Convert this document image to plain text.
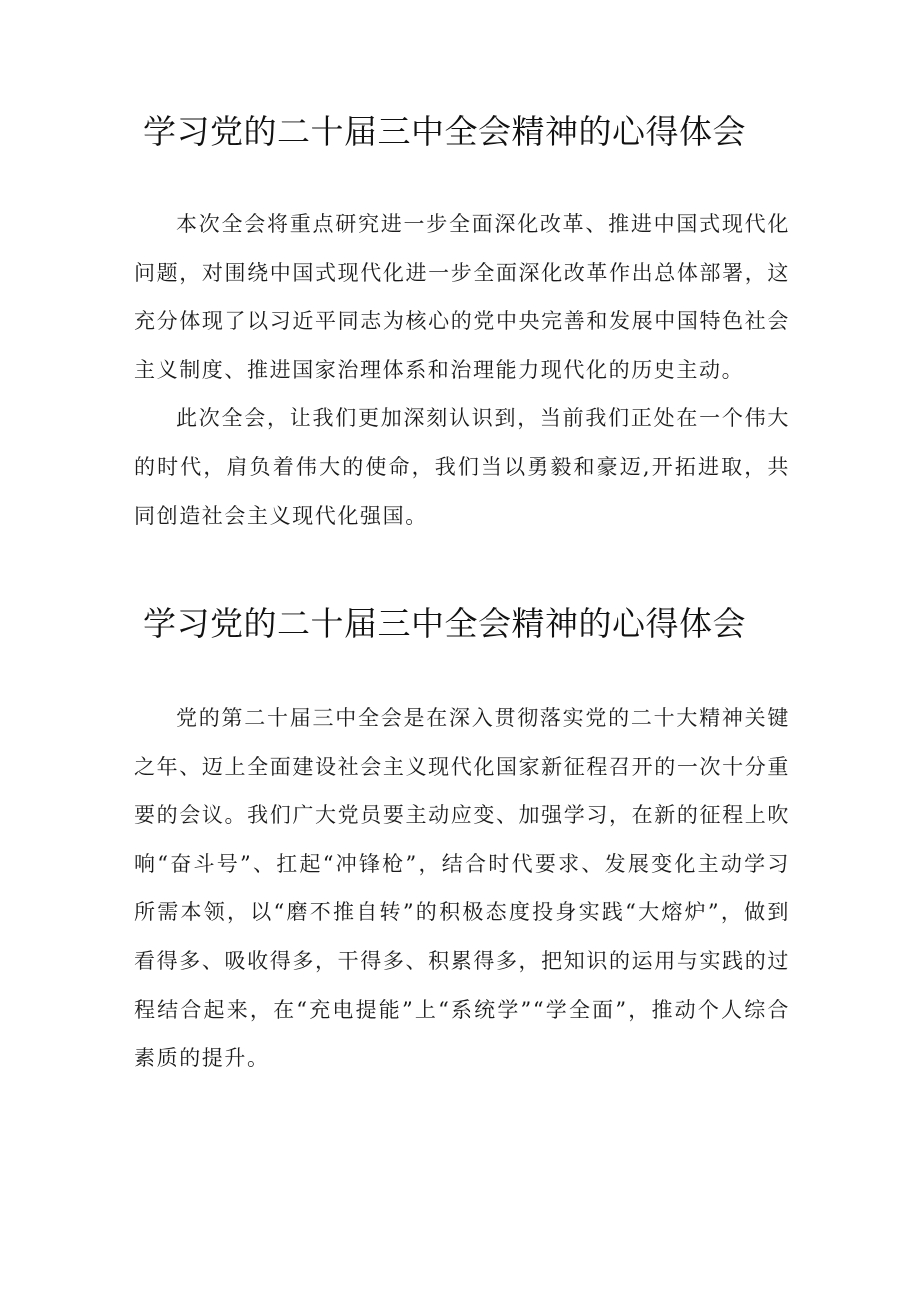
学习党的二十届三中全会精神的心得体会

本次全会将重点研究进一步全面深化改革、推进中国式现代化问题，对围绕中国式现代化进一步全面深化改革作出总体部署，这充分体现了以习近平同志为核心的党中央完善和发展中国特色社会主义制度、推进国家治理体系和治理能力现代化的历史主动。

此次全会，让我们更加深刻认识到，当前我们正处在一个伟大的时代，肩负着伟大的使命，我们当以勇毅和豪迈,开拓进取，共同创造社会主义现代化强国。

学习党的二十届三中全会精神的心得体会

党的第二十届三中全会是在深入贯彻落实党的二十大精神关键之年、迈上全面建设社会主义现代化国家新征程召开的一次十分重要的会议。我们广大党员要主动应变、加强学习，在新的征程上吹响“奋斗号”、扛起“冲锋枪”，结合时代要求、发展变化主动学习所需本领，以“磨不推自转”的积极态度投身实践“大熔炉”，做到看得多、吸收得多，干得多、积累得多，把知识的运用与实践的过程结合起来，在“充电提能”上“系统学”“学全面”，推动个人综合素质的提升。
